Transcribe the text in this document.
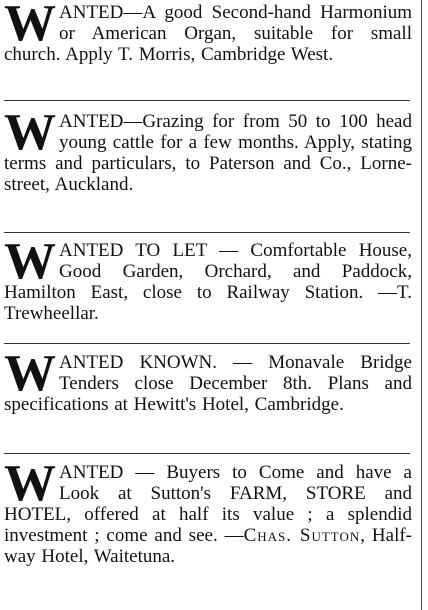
WANTED—A good Second-hand Harmonium or American Organ, suitable for small church. Apply T. Morris, Cambridge West.
WANTED—Grazing for from 50 to 100 head young cattle for a few months. Apply, stating terms and particulars, to Paterson and Co., Lorne-street, Auckland.
WANTED TO LET — Comfortable House, Good Garden, Orchard, and Paddock, Hamilton East, close to Railway Station. —T. Trewheellar.
WANTED KNOWN. — Monavale Bridge Tenders close December 8th. Plans and specifications at Hewitt's Hotel, Cambridge.
WANTED — Buyers to Come and have a Look at Sutton's FARM, STORE and HOTEL, offered at half its value ; a splendid investment ; come and see. —Chas. Sutton, Half-way Hotel, Waitetuna.
